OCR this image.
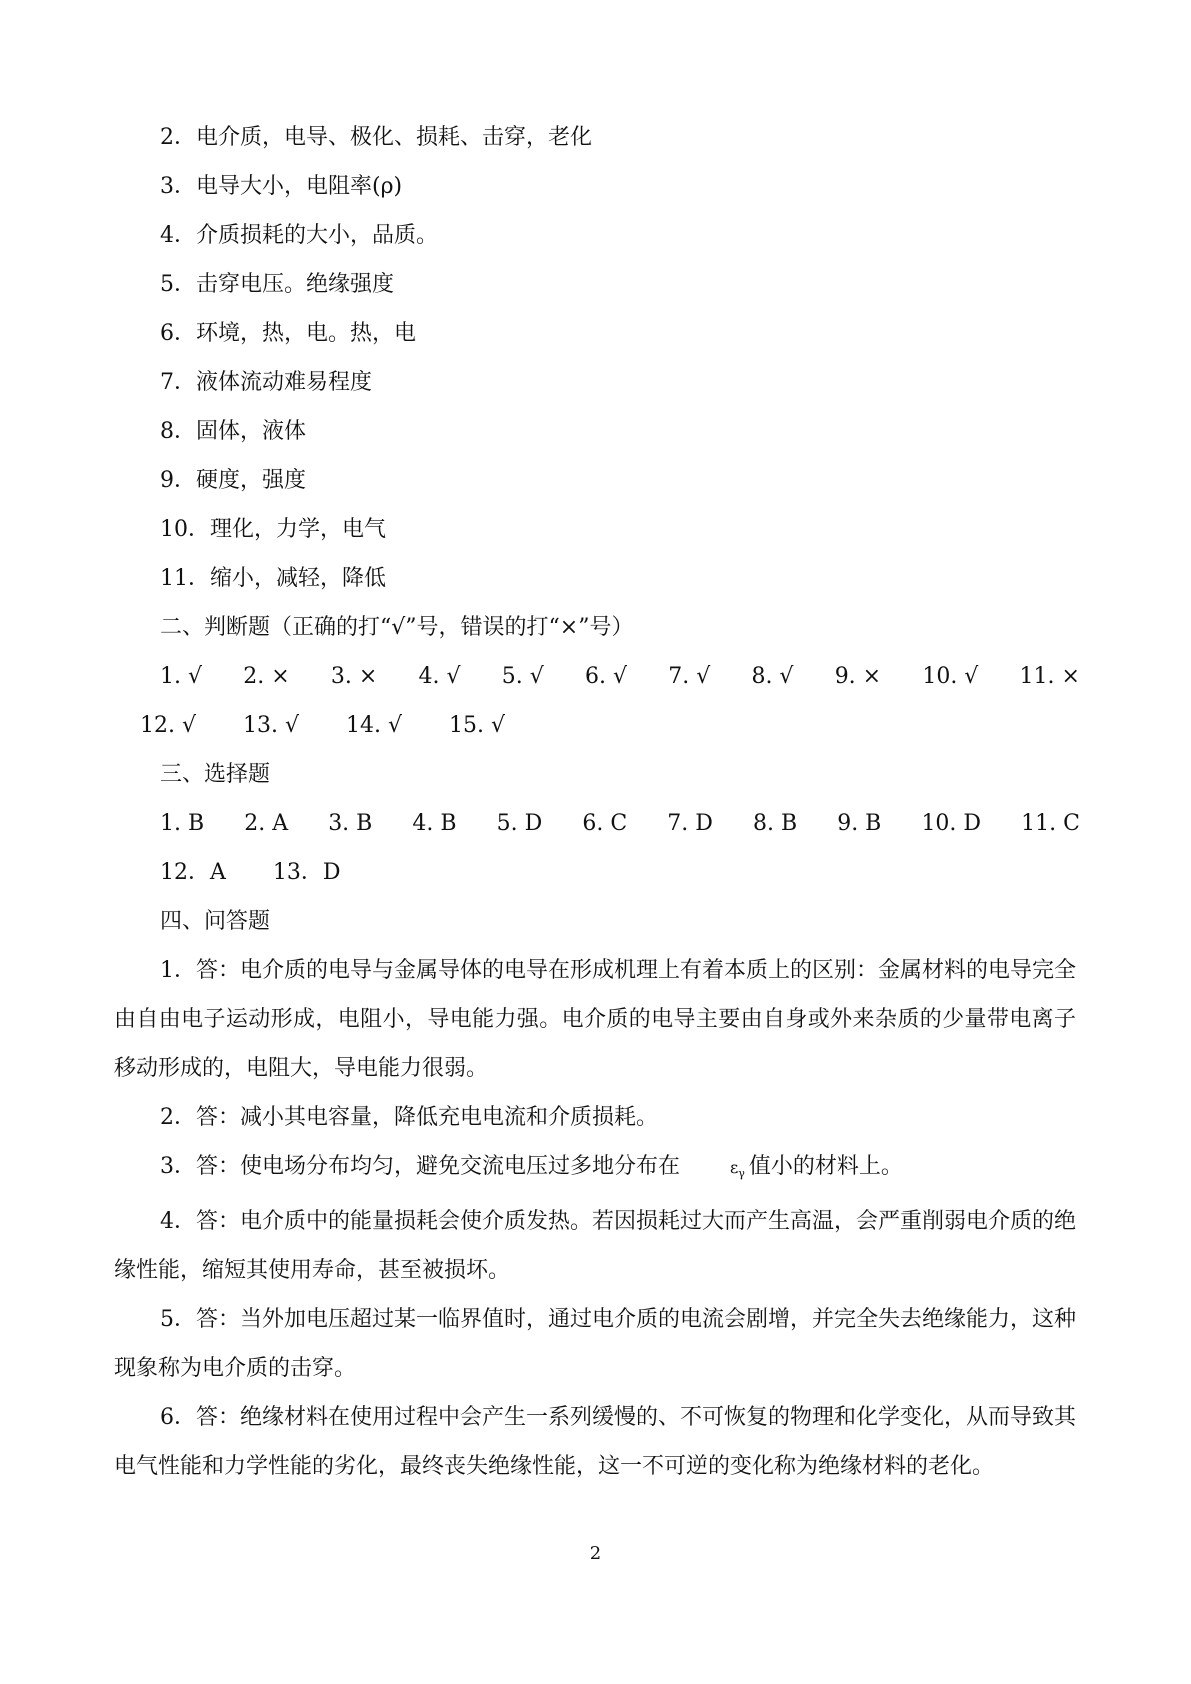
2．电介质，电导、极化、损耗、击穿，老化
3．电导大小，电阻率(ρ)
4．介质损耗的大小，品质。
5．击穿电压。绝缘强度
6．环境，热，电。热，电
7．液体流动难易程度
8．固体，液体
9．硬度，强度
10．理化，力学，电气
11．缩小，减轻，降低
二、判断题（正确的打“√”号，错误的打“×”号）
1. √ 2. × 3. × 4. √ 5. √ 6. √ 7. √ 8. √ 9. × 10. √ 11. ×
12. √ 13. √ 14. √ 15. √
三、选择题
1. B 2. A 3. B 4. B 5. D 6. C 7. D 8. B 9. B 10. D 11. C
12．A 13．D
四、问答题
1．答：电介质的电导与金属导体的电导在形成机理上有着本质上的区别：金属材料的电导完全由自由电子运动形成，电阻小，导电能力强。电介质的电导主要由自身或外来杂质的少量带电离子移动形成的，电阻大，导电能力很弱。
2．答：减小其电容量，降低充电电流和介质损耗。
3．答：使电场分布均匀，避免交流电压过多地分布在	$\varepsilon_\gamma$ 值小的材料上。
4．答：电介质中的能量损耗会使介质发热。若因损耗过大而产生高温，会严重削弱电介质的绝缘性能，缩短其使用寿命，甚至被损坏。
5．答：当外加电压超过某一临界值时，通过电介质的电流会剧增，并完全失去绝缘能力，这种现象称为电介质的击穿。
6．答：绝缘材料在使用过程中会产生一系列缓慢的、不可恢复的物理和化学变化，从而导致其电气性能和力学性能的劣化，最终丧失绝缘性能，这一不可逆的变化称为绝缘材料的老化。
2
